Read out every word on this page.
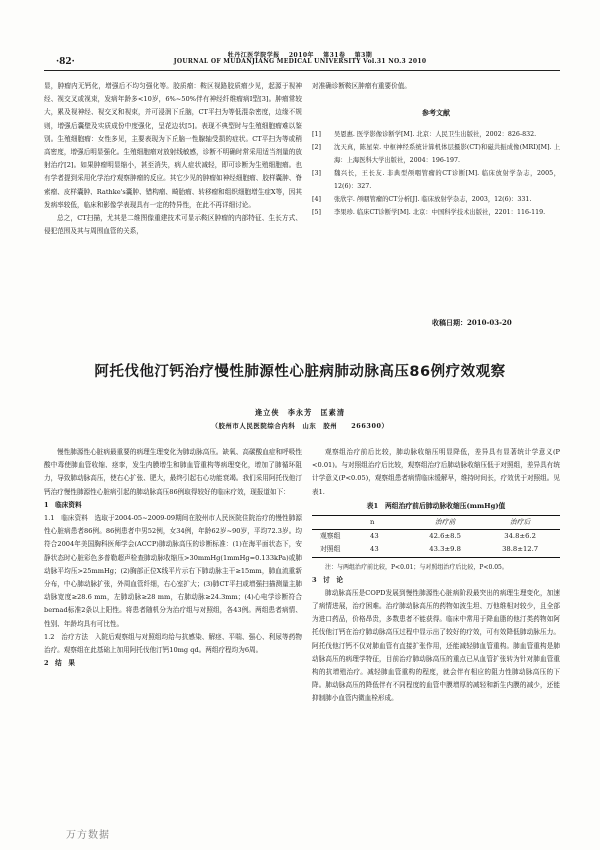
·82·
牡丹江医学院学报　 2010年　 第31卷　 第3期
JOURNAL OF MUDANJIANG MEDICAL UNIVERSITY Vol.31 NO.3 2010

显，肿瘤内无钙化，增强后不均匀强化等。胶质瘤：鞍区视路胶质瘤少见，起源于视神经、视交叉或视束，发病年龄多<10岁，6%~50%伴有神经纤维瘤病Ⅰ型[3]。肿瘤常较大，累及视神经、视交叉和视束，并可浸润下丘脑，CT平扫为等低混杂密度，边缘不规则，增强后囊壁及实质成份中度强化，呈花边状[5]。表现不典型时与生殖细胞瘤难以鉴别。生殖细胞瘤：女性多见，主要表现为下丘脑一性腺轴受损的症状。CT平扫为等或稍高密度，增强后明显强化。生殖细胞瘤对放射线敏感，诊断不明确时常采用适当剂量的放射治疗[2]。如果肿瘤明显缩小，甚至消失，病人症状减轻，即可诊断为生殖细胞瘤。也有学者提到采用化学治疗观察肿瘤的反应。其它少见的肿瘤如神经细胞瘤、胶样囊肿、脊索瘤、皮样囊肿、Rathke's囊肿、错构瘤、畸胎瘤、转移瘤和组织细胞增生症X等，因其发病率较低，临床和影像学表现具有一定的特异性，在此不再详细讨论。

总之，CT扫描，尤其是二维图像重建技术可显示鞍区肿瘤的内部特征、生长方式、侵犯范围及其与周围血管的关系，

对准确诊断鞍区肿瘤有重要价值。

参考文献
[1]	吴恩惠. 医学影像诊断学[M]. 北京：人民卫生出版社，2002：826-832.
[2]	沈天真，陈星荣. 中枢神经系统计算机体层摄影(CT)和磁共振成像(MRI)[M]. 上海：上海医科大学出版社，2004：196-197.
[3]	魏兴长，王长友. 非典型颅咽管瘤的CT诊断[M]. 临床放射学杂志，2005，12(6)：327.
[4]	张欣宇. 颅咽管瘤的CT分析[J]. 临床放射学杂志，2003，12(6)：331.
[5]	李果珍. 临床CT诊断学[M]. 北京：中国科学技术出版社，2201：116-119.
收稿日期：2010-03-20
阿托伐他汀钙治疗慢性肺源性心脏病肺动脉高压86例疗效观察
逄立侠　李永芳　匡素清
（胶州市人民医院综合内科　山东　胶州　　266300）

慢性肺源性心脏病最重要的病理生理变化为肺动脉高压。缺氧、高碳酸血症和呼吸性酸中毒使肺血管收缩、痉挛，发生内膜增生和肺血管重构等病理变化，增加了肺循环阻力，导致肺动脉高压，使右心扩张、肥大，最终引起右心功能衰竭。我们采用阿托伐他汀钙治疗慢性肺源性心脏病引起的肺动脉高压86例取得较好的临床疗效，现报道如下：

1　临床资料

1.1　临床资料　 选取于2004-05~2009-09期间在胶州市人民医院住院治疗的慢性肺源性心脏病患者86例。86例患者中男52例，女34例，年龄62岁~90岁，平均72.3岁。均符合2004年美国胸科医师学会(ACCP)肺动脉高压的诊断标准：(1)在海平面状态下，安静状态时心脏彩色多普勒超声检查肺动脉收缩压>30mmHg(1mmHg=0.133kPa)或肺动脉平均压>25mmHg；(2)胸部正位X线平片示右下肺动脉主干≥15mm，肺血流重新分布，中心肺动脉扩张，外周血管纤细，右心室扩大；(3)肺CT平扫或增强扫描测量主肺动脉宽度≥28.6 mm，左肺动脉≥28 mm，右肺动脉≥24.3mm；(4)心电学诊断符合bernad标准2条以上阳性。将患者随机分为治疗组与对照组，各43例。两组患者病情、性别、年龄均具有可比性。

1.2　治疗方法　 入院后观察组与对照组均给与抗感染、解痉、平喘、强心、利尿等药物治疗。观察组在此基础上加用阿托伐他汀钙10mg qd。两组疗程均为6周。

2　结　果

观察组治疗前后比较，肺动脉收缩压明显降低，差异具有显著统计学意义(P <0.01)。与对照组治疗后比较，观察组治疗后肺动脉收缩压低于对照组，差异具有统计学意义(P<0.05)，观察组患者病情临床缓解早，维持时间长，疗效优于对照组。见表1.

表1　两组治疗前后肺动脉收缩压(mmHg)值
	n	治疗前	治疗后
观察组	43	42.6±8.5	34.8±6.2
对照组	43	43.3±9.8	38.8±12.7

注：与两组治疗前比较，P<0.01；与对照组治疗后比较，P<0.05。

3　讨　论

肺动脉高压是COPD发展到慢性肺源性心脏病阶段最突出的病理生理变化，加速了病情进展，治疗困难。治疗肺动脉高压的药物如波生坦、万他维相对较少，且全部为进口药品，价格昂贵，多数患者不能获得。临床中常用于降血脂的他汀类药物如阿托伐他汀钙在治疗肺动脉高压过程中显示出了较好的疗效，可有效降低肺动脉压力。阿托伐他汀钙不仅对肺血管有直接扩张作用，还能减轻肺血管重构。肺血管重构是肺动脉高压的病理学特征，目前治疗肺动脉高压的重点已从血管扩张转为针对肺血管重构的抗增殖治疗。减轻肺血管重构的程度，就会伴有相应的阻力性肺动脉高压的下降。肺动脉高压的降低伴有不同程度的血管中膜增厚的减轻和新生内膜的减少，还能抑制肺小血管内微血栓形成。

万方数据
